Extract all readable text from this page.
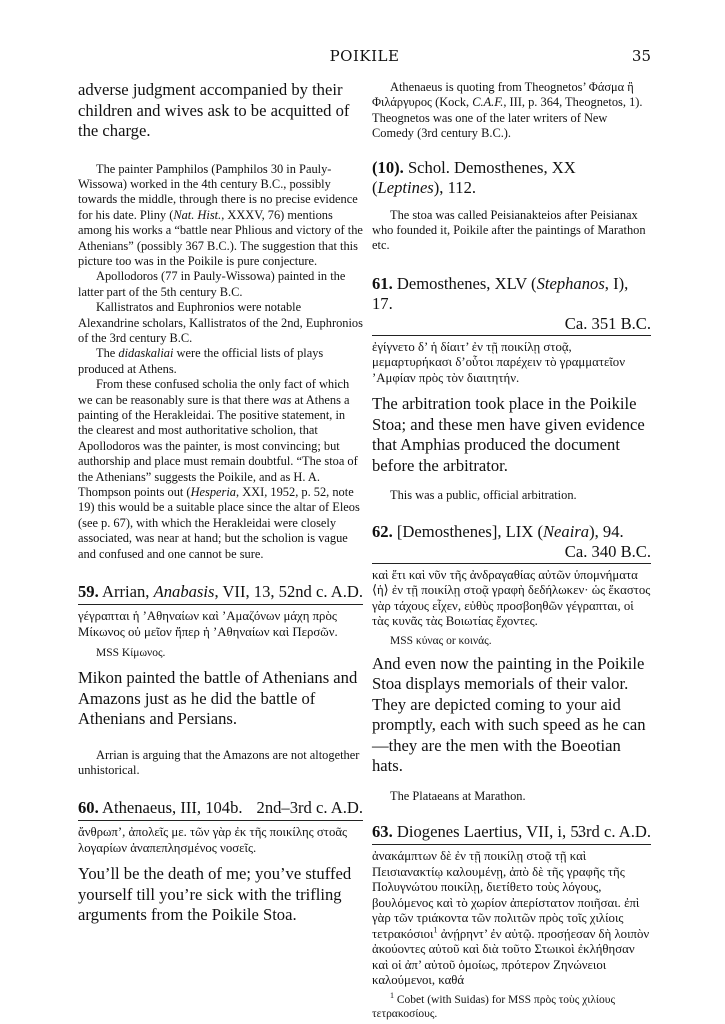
POIKILE	35

adverse judgment accompanied by their children and wives ask to be acquitted of the charge.

The painter Pamphilos (Pamphilos 30 in Pauly-Wissowa) worked in the 4th century B.C., possibly towards the middle, through there is no precise evidence for his date. Pliny (Nat. Hist., XXXV, 76) mentions among his works a “battle near Phlious and victory of the Athenians” (possibly 367 B.C.). The suggestion that this picture too was in the Poikile is pure conjecture.

Apollodoros (77 in Pauly-Wissowa) painted in the latter part of the 5th century B.C.

Kallistratos and Euphronios were notable Alexandrine scholars, Kallistratos of the 2nd, Euphronios of the 3rd century B.C.

The didaskaliai were the official lists of plays produced at Athens.

From these confused scholia the only fact of which we can be reasonably sure is that there was at Athens a painting of the Herakleidai. The positive statement, in the clearest and most authoritative scholion, that Apollodoros was the painter, is most convincing; but authorship and place must remain doubtful. “The stoa of the Athenians” suggests the Poikile, and as H. A. Thompson points out (Hesperia, XXI, 1952, p. 52, note 19) this would be a suitable place since the altar of Eleos (see p. 67), with which the Herakleidai were closely associated, was near at hand; but the scholion is vague and confused and one cannot be sure.

59. Arrian, Anabasis, VII, 13, 5.
2nd c. A.D.

γέγραπται ἡ ’Αθηναίων καὶ ’Αμαζόνων μάχη πρὸς Μίκωνος οὐ μεῖον ἤπερ ἡ ’Αθηναίων καὶ Περσῶν.

MSS Κίμωνος.

Mikon painted the battle of Athenians and Amazons just as he did the battle of Athenians and Persians.

Arrian is arguing that the Amazons are not altogether unhistorical.

60. Athenaeus, III, 104b. 2nd–3rd c. A.D.

ἄνθρωπ’, ἀπολεῖς με. τῶν γὰρ ἐκ τῆς ποικίλης στοᾶς λογαρίων ἀναπεπλησμένος νοσεῖς.

You’ll be the death of me; you’ve stuffed yourself till you’re sick with the trifling arguments from the Poikile Stoa.

Athenaeus is quoting from Theognetos’ Φάσμα ἢ Φιλάργυρος (Kock, C.A.F., III, p. 364, Theognetos, 1). Theognetos was one of the later writers of New Comedy (3rd century B.C.).

(10). Schol. Demosthenes, XX (Leptines), 112.

The stoa was called Peisianakteios after Peisianax who founded it, Poikile after the paintings of Marathon etc.

61. Demosthenes, XLV (Stephanos, I), 17.

Ca. 351 B.C.

ἐγίγνετο δ’ ἡ δίαιτ’ ἐν τῇ ποικίλῃ στοᾷ, μεμαρτυρήκασι δ’οὗτοι παρέχειν τὸ γραμματεῖον ’Αμφίαν πρὸς τὸν διαιτητήν.

The arbitration took place in the Poikile Stoa; and these men have given evidence that Amphias produced the document before the arbitrator.

This was a public, official arbitration.

62. [Demosthenes], LIX (Neaira), 94.

Ca. 340 B.C.

καὶ ἔτι καὶ νῦν τῆς ἀνδραγαθίας αὐτῶν ὑπομνήματα ⟨ἡ⟩ ἐν τῇ ποικίλῃ στοᾷ γραφὴ δεδήλωκεν· ὡς ἕκαστος γὰρ τάχους εἶχεν, εὐθὺς προσβοηθῶν γέγραπται, οἱ τὰς κυνᾶς τὰς Βοιωτίας ἔχοντες.

MSS κύνας or κοινάς.

And even now the painting in the Poikile Stoa displays memorials of their valor. They are depicted coming to your aid promptly, each with such speed as he can —they are the men with the Boeotian hats.

The Plataeans at Marathon.

63. Diogenes Laertius, VII, i, 5.
3rd c. A.D.

ἀνακάμπτων δὲ ἐν τῇ ποικίλῃ στοᾷ τῇ καὶ Πεισιανακτίῳ καλουμένῃ, ἀπὸ δὲ τῆς γραφῆς τῆς Πολυγνώτου ποικίλῃ, διετίθετο τοὺς λόγους, βουλόμενος καὶ τὸ χωρίον ἀπερίστατον ποιῆσαι. ἐπὶ γὰρ τῶν τριάκοντα τῶν πολιτῶν πρὸς τοῖς χιλίοις τετρακόσιοι$^1$ ἀνῄρηντ’ ἐν αὐτῷ. προσῄεσαν δὴ λοιπὸν ἀκούοντες αὐτοῦ καὶ διὰ τοῦτο Στωικοὶ ἐκλήθησαν καὶ οἱ ἀπ’ αὐτοῦ ὁμοίως, πρότερον Ζηνώνειοι καλούμενοι, καθά

$^1$ Cobet (with Suidas) for MSS πρὸς τοὺς χιλίους τετρακοσίους.
